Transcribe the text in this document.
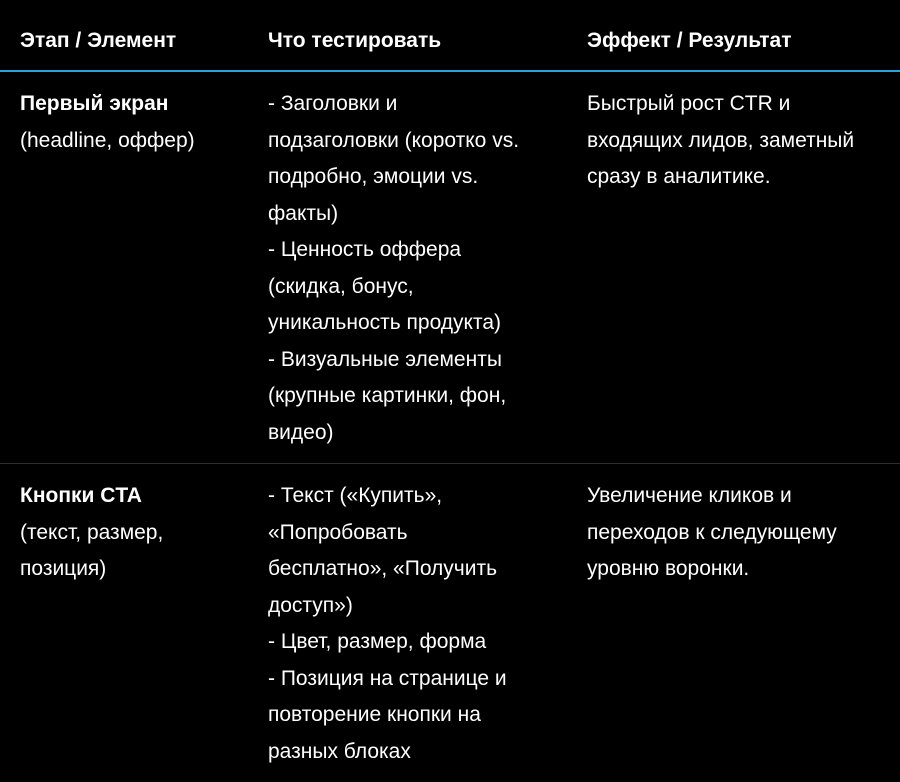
Этап / Элемент	Что тестировать	Эффект / Результат
Первый экран
(headline, оффер)
- Заголовки и
подзаголовки (коротко vs.
подробно, эмоции vs.
факты)
- Ценность оффера
(скидка, бонус,
уникальность продукта)
- Визуальные элементы
(крупные картинки, фон,
видео)
Быстрый рост CTR и
входящих лидов, заметный
сразу в аналитике.
Кнопки CTA
(текст, размер,
позиция)
- Текст («Купить»,
«Попробовать
бесплатно», «Получить
доступ»)
- Цвет, размер, форма
- Позиция на странице и
повторение кнопки на
разных блоках
Увеличение кликов и
переходов к следующему
уровню воронки.
